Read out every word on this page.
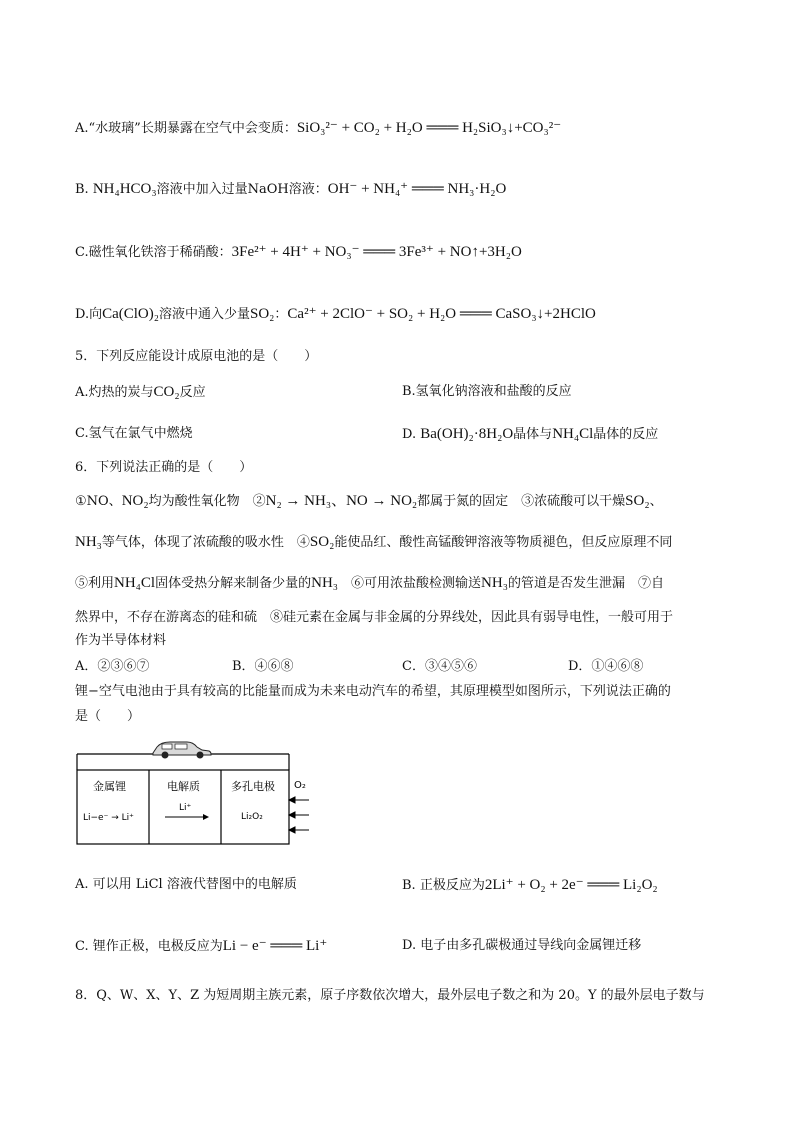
A.“水玻璃”长期暴露在空气中会变质：SiO₃²⁻ + CO₂ + H₂O ═══ H₂SiO₃↓+CO₃²⁻
B. NH₄HCO₃溶液中加入过量NaOH溶液：OH⁻ + NH₄⁺ ═══ NH₃·H₂O
C.磁性氧化铁溶于稀硝酸：3Fe²⁺ + 4H⁺ + NO₃⁻ ═══ 3Fe³⁺ + NO↑+3H₂O
D.向Ca(ClO)₂溶液中通入少量SO₂：Ca²⁺ + 2ClO⁻ + SO₂ + H₂O ═══ CaSO₃↓+2HClO
5．下列反应能设计成原电池的是（　　）
A.灼热的炭与CO₂反应	B.氢氧化钠溶液和盐酸的反应
C.氢气在氯气中燃烧	D. Ba(OH)₂·8H₂O晶体与NH₄Cl晶体的反应
6．下列说法正确的是（　　）
①NO、NO₂均为酸性氧化物　②N₂ → NH₃、NO → NO₂都属于氮的固定　③浓硫酸可以干燥SO₂、
NH₃等气体，体现了浓硫酸的吸水性　④SO₂能使品红、酸性高锰酸钾溶液等物质褪色，但反应原理不同
⑤利用NH₄Cl固体受热分解来制备少量的NH₃　⑥可用浓盐酸检测输送NH₃的管道是否发生泄漏　⑦自
然界中，不存在游离态的硅和硫　⑧硅元素在金属与非金属的分界线处，因此具有弱导电性，一般可用于
作为半导体材料
A．②③⑥⑦	B．④⑥⑧	C．③④⑤⑥	D．①④⑥⑧
锂−空气电池由于具有较高的比能量而成为未来电动汽车的希望，其原理模型如图所示，下列说法正确的
是（　　）
金属锂
Li−e⁻ → Li⁺
电解质
Li⁺
多孔电极
Li₂O₂
O₂
A. 可以用 LiCl 溶液代替图中的电解质	B. 正极反应为2Li⁺ + O₂ + 2e⁻ ═══ Li₂O₂
C. 锂作正极，电极反应为Li − e⁻ ═══ Li⁺	D. 电子由多孔碳极通过导线向金属锂迁移
8．Q、W、X、Y、Z 为短周期主族元素，原子序数依次增大，最外层电子数之和为 20。Y 的最外层电子数与
